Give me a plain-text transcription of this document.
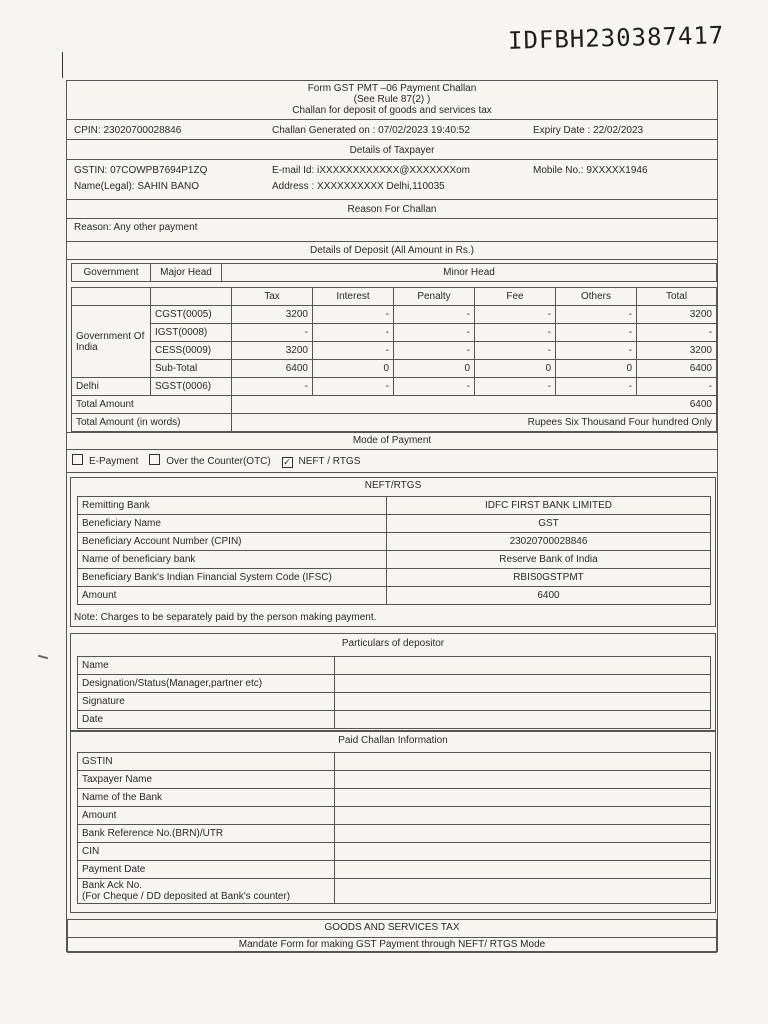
IDFBH230387417
Form GST PMT –06 Payment Challan
(See Rule 87(2) )
Challan for deposit of goods and services tax
CPIN: 23020700028846	Challan Generated on : 07/02/2023 19:40:52	Expiry Date : 22/02/2023
Details of Taxpayer
GSTIN: 07COWPB7694P1ZQ	E-mail Id: iXXXXXXXXXXXX@XXXXXXXom	Mobile No.: 9XXXXX1946
Name(Legal): SAHIN BANO	Address : XXXXXXXXXX Delhi,110035
Reason For Challan
Reason: Any other payment
Details of Deposit (All Amount in Rs.)
Government	Major Head	Minor Head
		Tax	Interest	Penalty	Fee	Others	Total
Government Of India	CGST(0005)	3200	-	-	-	-	3200
	IGST(0008)	-	-	-	-	-	-
	CESS(0009)	3200	-	-	-	-	3200
	Sub-Total	6400	0	0	0	0	6400
Delhi	SGST(0006)	-	-	-	-	-	-
Total Amount		6400					
Total Amount (in words)		Rupees Six Thousand Four hundred Only					
Mode of Payment
E-Payment	Over the Counter(OTC) ✓ NEFT / RTGS
NEFT/RTGS
Remitting Bank	IDFC FIRST BANK LIMITED
Beneficiary Name	GST
Beneficiary Account Number (CPIN)	23020700028846
Name of beneficiary bank	Reserve Bank of India
Beneficiary Bank's Indian Financial System Code (IFSC)	RBIS0GSTPMT
Amount	6400
Note: Charges to be separately paid by the person making payment.
Particulars of depositor
Name	
Designation/Status(Manager,partner etc)	
Signature	
Date	
Paid Challan Information
GSTIN	
Taxpayer Name	
Name of the Bank	
Amount	
Bank Reference No.(BRN)/UTR	
CIN	
Payment Date	

Bank Ack No.
(For Cheque / DD deposited at Bank's counter)	

GOODS AND SERVICES TAX
Mandate Form for making GST Payment through NEFT/ RTGS Mode
